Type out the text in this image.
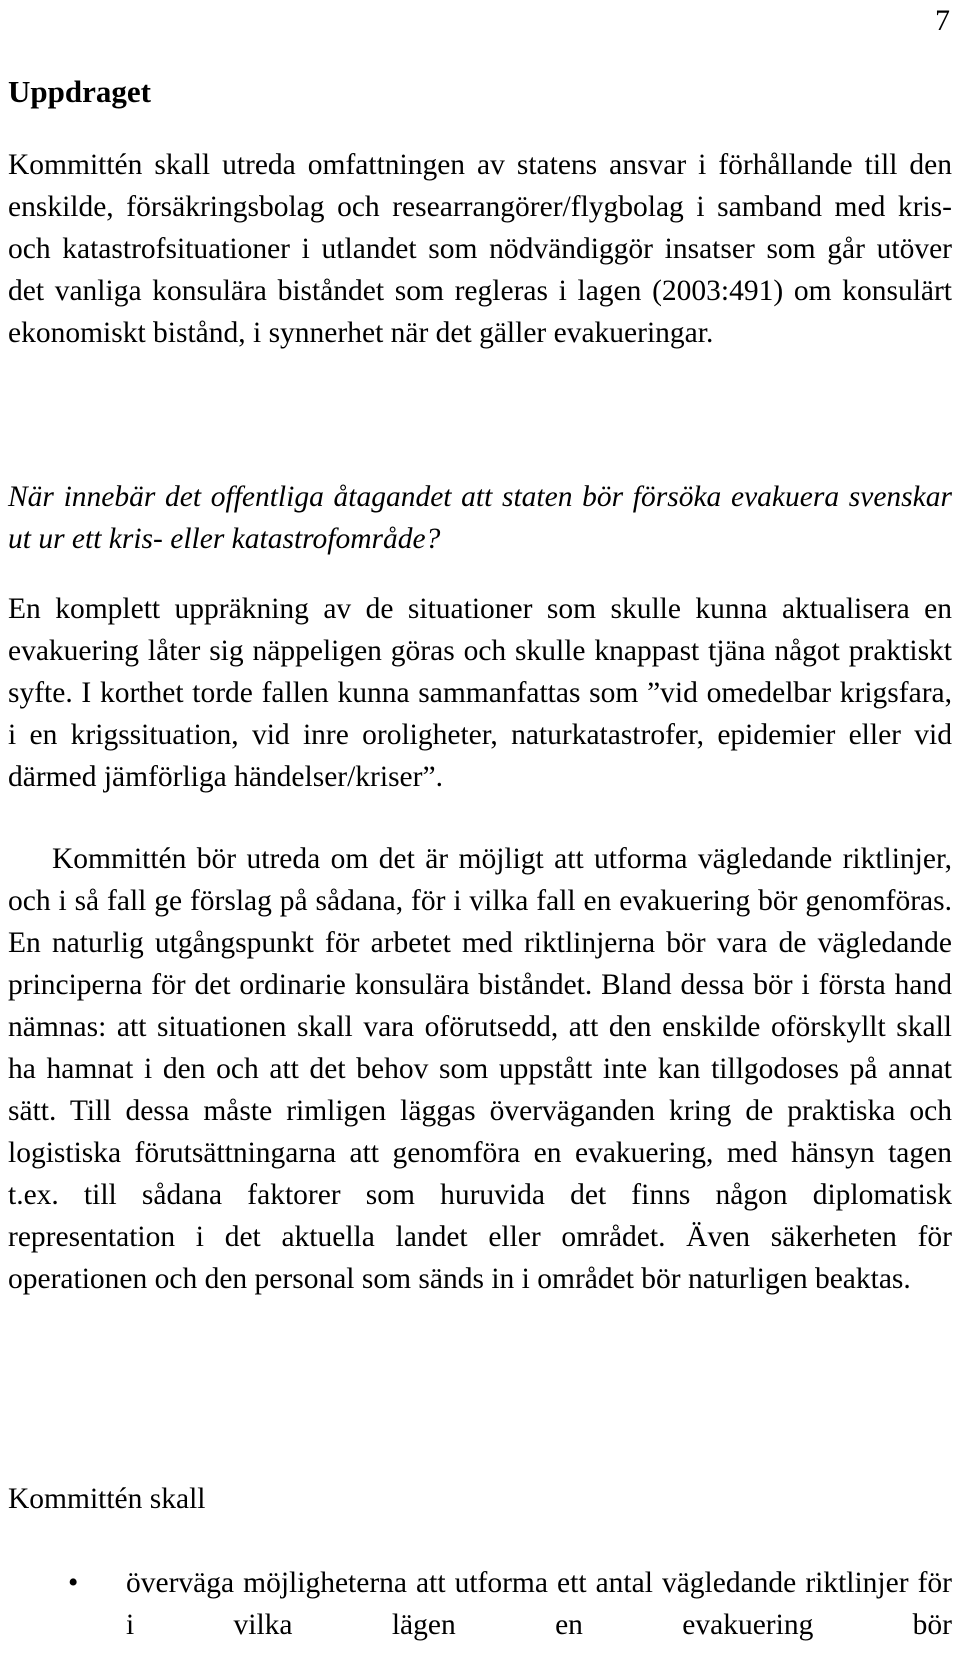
7
Uppdraget

Kommittén skall utreda omfattningen av statens ansvar i förhållande till den enskilde, försäkringsbolag och researrangörer/flygbolag i samband med kris- och katastrofsituationer i utlandet som nödvändiggör insatser som går utöver det vanliga konsulära biståndet som regleras i lagen (2003:491) om konsulärt ekonomiskt bistånd, i synnerhet när det gäller evakueringar.

När innebär det offentliga åtagandet att staten bör försöka evakuera svenskar ut ur ett kris- eller katastrofområde?

En komplett uppräkning av de situationer som skulle kunna aktualisera en evakuering låter sig näppeligen göras och skulle knappast tjäna något praktiskt syfte. I korthet torde fallen kunna sammanfattas som ”vid omedelbar krigsfara, i en krigssituation, vid inre oroligheter, naturkatastrofer, epidemier eller vid därmed jämförliga händelser/kriser”.

Kommittén bör utreda om det är möjligt att utforma vägledande riktlinjer, och i så fall ge förslag på sådana, för i vilka fall en evakuering bör genomföras. En naturlig utgångspunkt för arbetet med riktlinjerna bör vara de vägledande principerna för det ordinarie konsulära biståndet. Bland dessa bör i första hand nämnas: att situationen skall vara oförutsedd, att den enskilde oförskyllt skall ha hamnat i den och att det behov som uppstått inte kan tillgodoses på annat sätt. Till dessa måste rimligen läggas överväganden kring de praktiska och logistiska förutsättningarna att genomföra en evakuering, med hänsyn tagen t.ex. till sådana faktorer som huruvida det finns någon diplomatisk representation i det aktuella landet eller området. Även säkerheten för operationen och den personal som sänds in i området bör naturligen beaktas.

Kommittén skall

• överväga möjligheterna att utforma ett antal vägledande riktlinjer för i vilka lägen en evakuering bör
